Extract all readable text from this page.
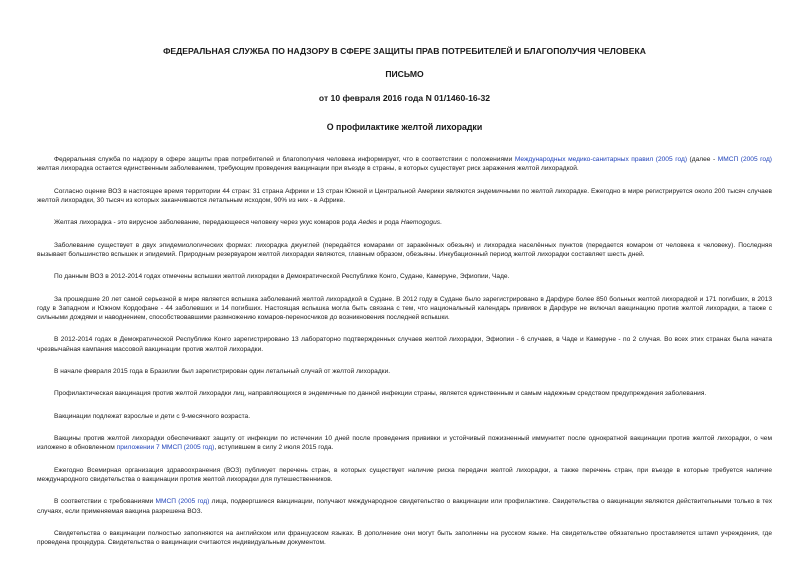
ФЕДЕРАЛЬНАЯ СЛУЖБА ПО НАДЗОРУ В СФЕРЕ ЗАЩИТЫ ПРАВ ПОТРЕБИТЕЛЕЙ И БЛАГОПОЛУЧИЯ ЧЕЛОВЕКА
ПИСЬМО
от 10 февраля 2016 года N 01/1460-16-32
О профилактике желтой лихорадки

Федеральная служба по надзору в сфере защиты прав потребителей и благополучия человека информирует, что в соответствии с положениями Международных медико-санитарных правил (2005 год) (далее - ММСП (2005 год) желтая лихорадка остается единственным заболеванием, требующим проведения вакцинации при въезде в страны, в которых существует риск заражения желтой лихорадкой.

Согласно оценке ВОЗ в настоящее время территории 44 стран: 31 страна Африки и 13 стран Южной и Центральной Америки являются эндемичными по желтой лихорадке. Ежегодно в мире регистрируется около 200 тысяч случаев желтой лихорадки, 30 тысяч из которых заканчиваются летальным исходом, 90% из них - в Африке.

Желтая лихорадка - это вирусное заболевание, передающееся человеку через укус комаров рода Aedes и рода Haemogogus.

Заболевание существует в двух эпидемиологических формах: лихорадка джунглей (передаётся комарами от заражённых обезьян) и лихорадка населённых пунктов (передается комаром от человека к человеку). Последняя вызывает большинство вспышек и эпидемий. Природным резервуаром желтой лихорадки являются, главным образом, обезьяны. Инкубационный период желтой лихорадки составляет шесть дней.

По данным ВОЗ в 2012-2014 годах отмечены вспышки желтой лихорадки в Демократической Республике Конго, Судане, Камеруне, Эфиопии, Чаде.

За прошедшие 20 лет самой серьезной в мире является вспышка заболеваний желтой лихорадкой в Судане. В 2012 году в Судане было зарегистрировано в Дарфуре более 850 больных желтой лихорадкой и 171 погибших, в 2013 году в Западном и Южном Кордофане - 44 заболевших и 14 погибших. Настоящая вспышка могла быть связана с тем, что национальный календарь прививок в Дарфуре не включал вакцинацию против желтой лихорадки, а также с сильными дождями и наводнением, способствовавшими размножению комаров-переносчиков до возникновения последней вспышки.

В 2012-2014 годах в Демократической Республике Конго зарегистрировано 13 лабораторно подтвержденных случаев желтой лихорадки, Эфиопии - 6 случаев, в Чаде и Камеруне - по 2 случая. Во всех этих странах была начата чрезвычайная кампания массовой вакцинации против желтой лихорадки.

В начале февраля 2015 года в Бразилии был зарегистрирован один летальный случай от желтой лихорадки.

Профилактическая вакцинация против желтой лихорадки лиц, направляющихся в эндемичные по данной инфекции страны, является единственным и самым надежным средством предупреждения заболевания.

Вакцинации подлежат взрослые и дети с 9-месячного возраста.

Вакцины против желтой лихорадки обеспечивают защиту от инфекции по истечении 10 дней после проведения прививки и устойчивый пожизненный иммунитет после однократной вакцинации против желтой лихорадки, о чем изложено в обновленном приложении 7 ММСП (2005 год), вступившем в силу 2 июля 2015 года.

Ежегодно Всемирная организация здравоохранения (ВОЗ) публикует перечень стран, в которых существует наличие риска передачи желтой лихорадки, а также перечень стран, при въезде в которые требуется наличие международного свидетельства о вакцинации против желтой лихорадки для путешественников.

В соответствии с требованиями ММСП (2005 год) лица, подвергшиеся вакцинации, получают международное свидетельство о вакцинации или профилактике. Свидетельства о вакцинации являются действительными только в тех случаях, если применяемая вакцина разрешена ВОЗ.

Свидетельства о вакцинации полностью заполняются на английском или французском языках. В дополнение они могут быть заполнены на русском языке. На свидетельстве обязательно проставляется штамп учреждения, где проведена процедура. Свидетельства о вакцинации считаются индивидуальным документом.
